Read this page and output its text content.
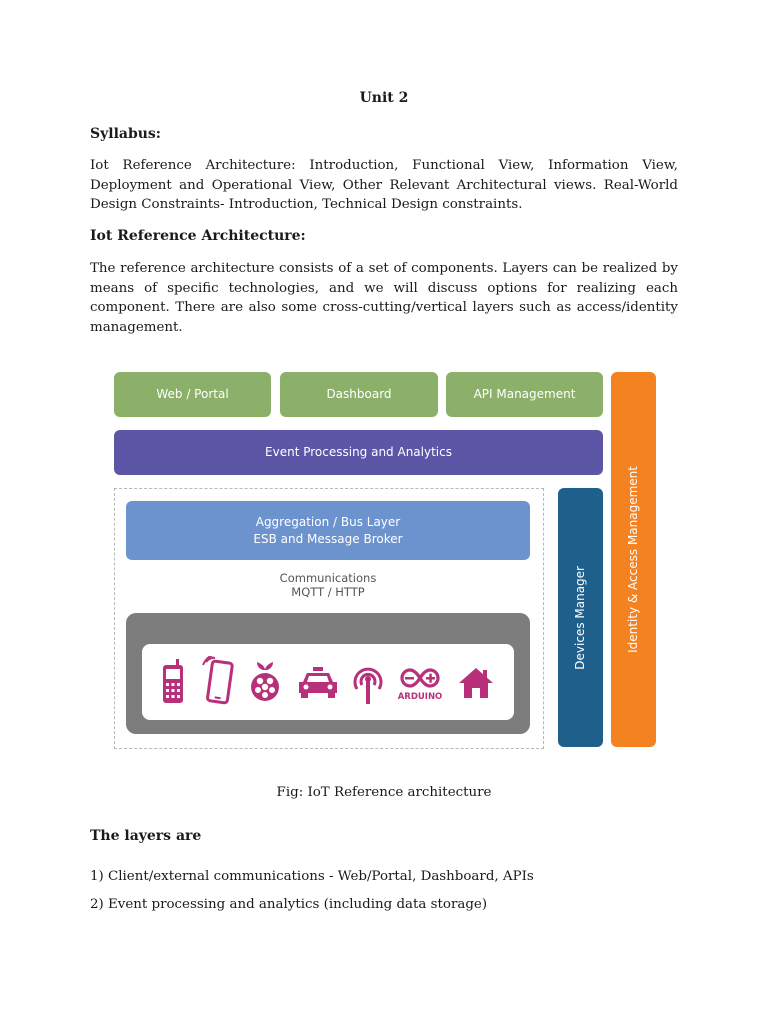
Unit 2

Syllabus:

Iot Reference Architecture: Introduction, Functional View, Information View, Deployment and Operational View, Other Relevant Architectural views. Real-World Design Constraints- Introduction, Technical Design constraints.

Iot Reference Architecture:

The reference architecture consists of a set of components. Layers can be realized by means of specific technologies, and we will discuss options for realizing each component. There are also some cross-cutting/vertical layers such as access/identity management.

Web / Portal	Dashboard	API Management
Event Processing and Analytics
Aggregation / Bus Layer
ESB and Message Broker
Communications
MQTT / HTTP
ARDUINO
Devices Manager	Identity & Access Management

Fig: IoT Reference architecture

The layers are

1) Client/external communications - Web/Portal, Dashboard, APIs

2) Event processing and analytics (including data storage)
